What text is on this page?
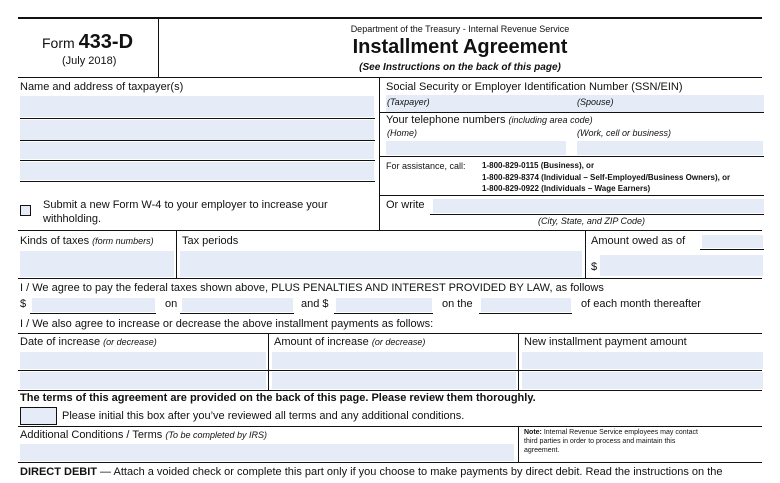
Form 433-D
(July 2018)
Department of the Treasury - Internal Revenue Service
Installment Agreement
(See Instructions on the back of this page)
Name and address of taxpayer(s)
Submit a new Form W-4 to your employer to increase your
withholding.
Social Security or Employer Identification Number (SSN/EIN)
(Taxpayer)	(Spouse)
Your telephone numbers (including area code)
(Home)	(Work, cell or business)
For assistance, call: 1-800-829-0115 (Business), or
1-800-829-8374 (Individual – Self-Employed/Business Owners), or
1-800-829-0922 (Individuals – Wage Earners)
Or write
(City, State, and ZIP Code)
Kinds of taxes (form numbers)	Tax periods	Amount owed as of
$
I / We agree to pay the federal taxes shown above, PLUS PENALTIES AND INTEREST PROVIDED BY LAW, as follows
$	on	and $	on the	of each month thereafter
I / We also agree to increase or decrease the above installment payments as follows:
Date of increase (or decrease)	Amount of increase (or decrease)	New installment payment amount
The terms of this agreement are provided on the back of this page. Please review them thoroughly.
Please initial this box after you’ve reviewed all terms and any additional conditions.
Additional Conditions / Terms (To be completed by IRS)	Note: Internal Revenue Service employees may contact
third parties in order to process and maintain this
agreement.
DIRECT DEBIT — Attach a voided check or complete this part only if you choose to make payments by direct debit. Read the instructions on the
